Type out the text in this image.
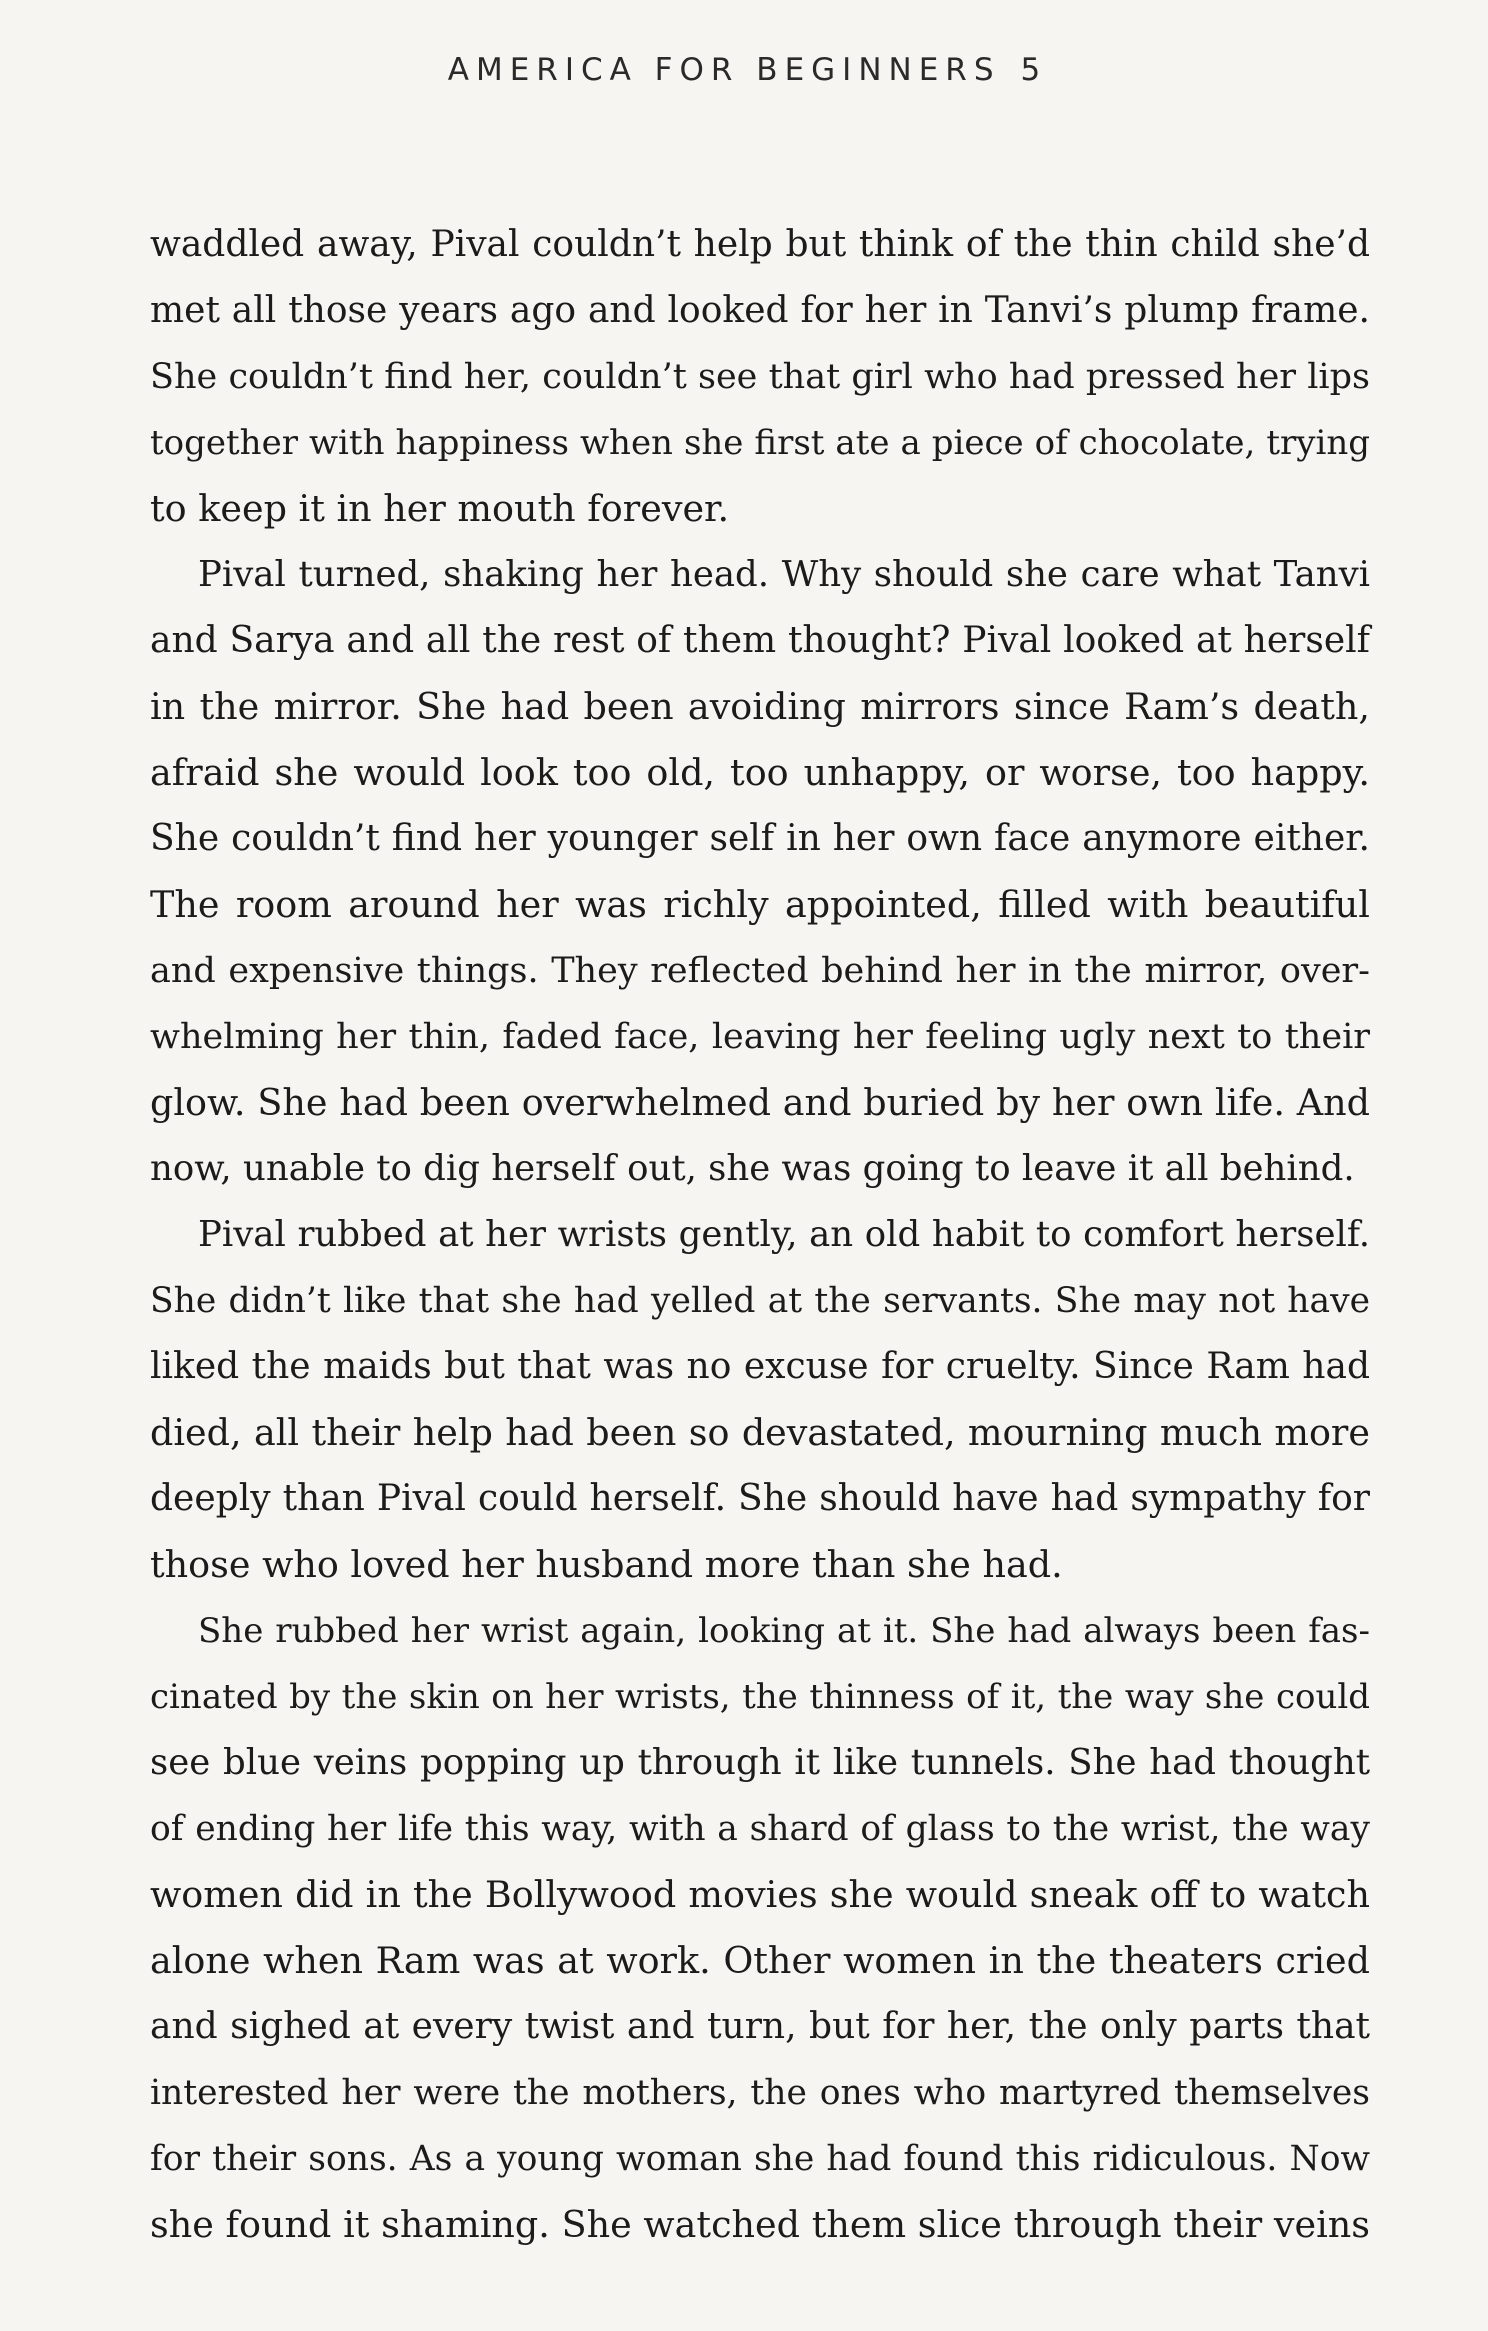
AMERICA FOR BEGINNERS 5
waddled away, Pival couldn’t help but think of the thin child she’d
met all those years ago and looked for her in Tanvi’s plump frame.
She couldn’t find her, couldn’t see that girl who had pressed her lips
together with happiness when she first ate a piece of chocolate, trying
to keep it in her mouth forever.
Pival turned, shaking her head. Why should she care what Tanvi
and Sarya and all the rest of them thought? Pival looked at herself
in the mirror. She had been avoiding mirrors since Ram’s death,
afraid she would look too old, too unhappy, or worse, too happy.
She couldn’t find her younger self in her own face anymore either.
The room around her was richly appointed, filled with beautiful
and expensive things. They reflected behind her in the mirror, over-
whelming her thin, faded face, leaving her feeling ugly next to their
glow. She had been overwhelmed and buried by her own life. And
now, unable to dig herself out, she was going to leave it all behind.
Pival rubbed at her wrists gently, an old habit to comfort herself.
She didn’t like that she had yelled at the servants. She may not have
liked the maids but that was no excuse for cruelty. Since Ram had
died, all their help had been so devastated, mourning much more
deeply than Pival could herself. She should have had sympathy for
those who loved her husband more than she had.
She rubbed her wrist again, looking at it. She had always been fas-
cinated by the skin on her wrists, the thinness of it, the way she could
see blue veins popping up through it like tunnels. She had thought
of ending her life this way, with a shard of glass to the wrist, the way
women did in the Bollywood movies she would sneak off to watch
alone when Ram was at work. Other women in the theaters cried
and sighed at every twist and turn, but for her, the only parts that
interested her were the mothers, the ones who martyred themselves
for their sons. As a young woman she had found this ridiculous. Now
she found it shaming. She watched them slice through their veins
